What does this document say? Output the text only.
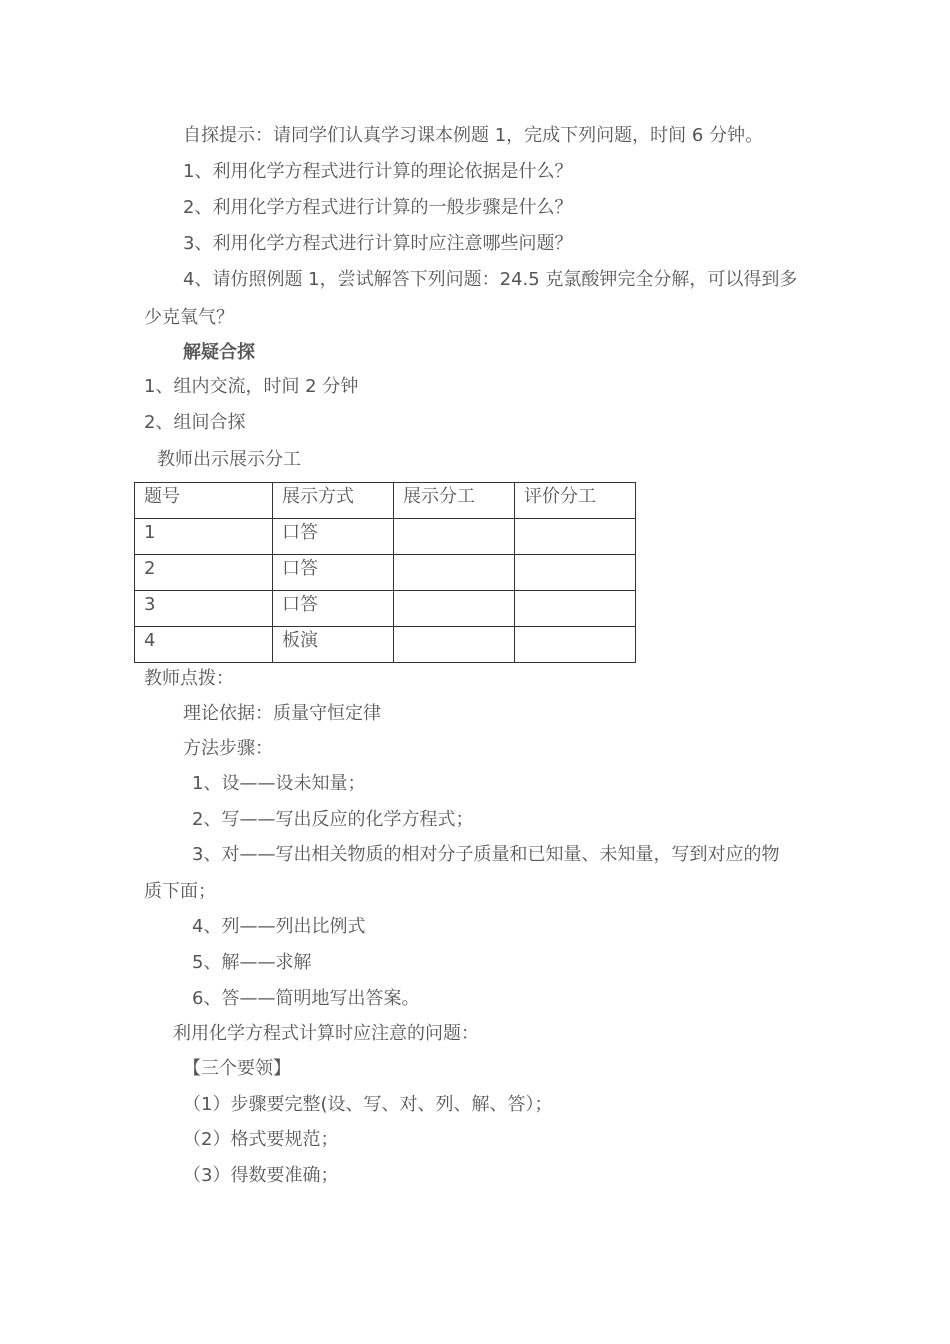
自探提示：请同学们认真学习课本例题 1，完成下列问题，时间 6 分钟。
1、利用化学方程式进行计算的理论依据是什么？
2、利用化学方程式进行计算的一般步骤是什么？
3、利用化学方程式进行计算时应注意哪些问题？
4、请仿照例题 1，尝试解答下列问题：24.5 克氯酸钾完全分解，可以得到多
少克氧气？
解疑合探
1、组内交流，时间 2 分钟
2、组间合探
教师出示展示分工
题号	展示方式	展示分工	评价分工
1	口答		
2	口答		
3	口答		
4	板演		
教师点拨：
理论依据：质量守恒定律
方法步骤：
1、设——设未知量；
2、写——写出反应的化学方程式；
3、对——写出相关物质的相对分子质量和已知量、未知量，写到对应的物
质下面；
4、列——列出比例式
5、解——求解
6、答——简明地写出答案。
利用化学方程式计算时应注意的问题：
【三个要领】
（1）步骤要完整(设、写、对、列、解、答）；
（2）格式要规范；
（3）得数要准确；
